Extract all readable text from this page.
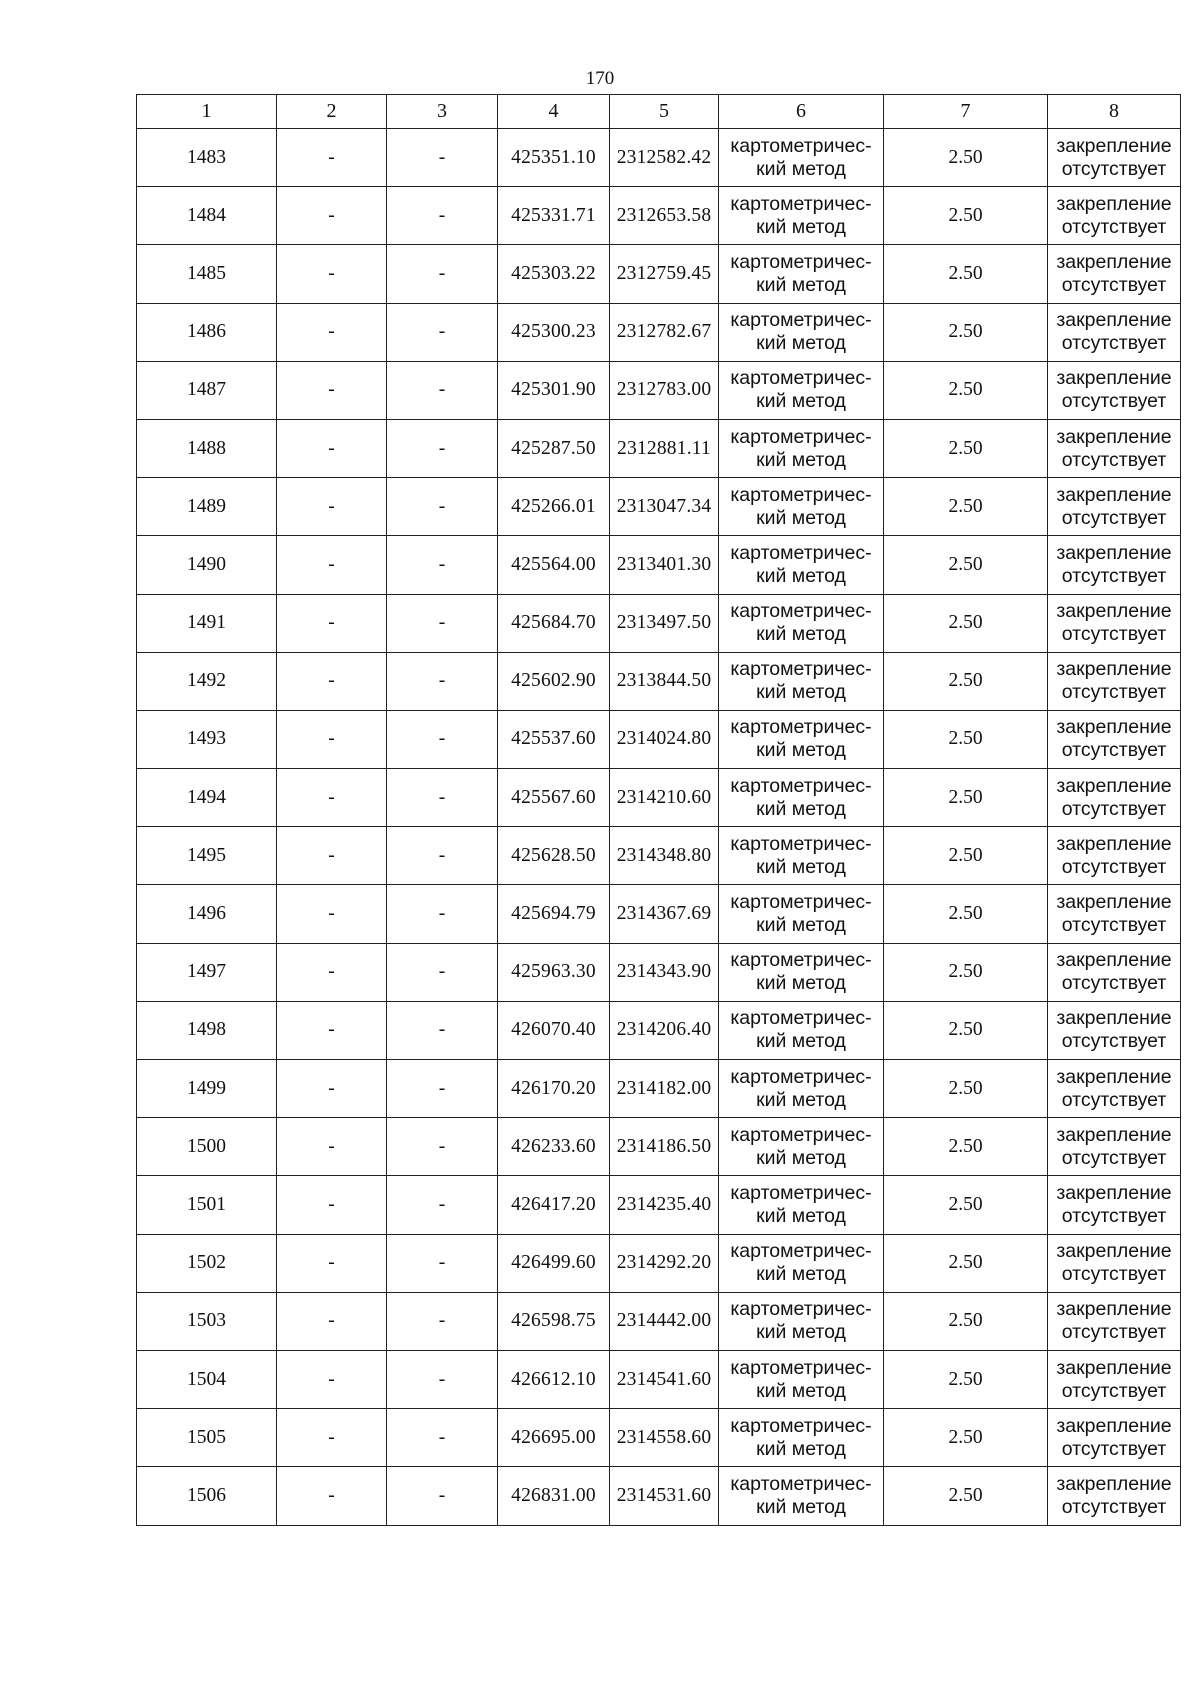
170
1	2	3	4	5	6	7	8
1483	-	-	425351.10	2312582.42	картометричес-кий метод	2.50	закрепление отсутствует
1484	-	-	425331.71	2312653.58	картометричес-кий метод	2.50	закрепление отсутствует
1485	-	-	425303.22	2312759.45	картометричес-кий метод	2.50	закрепление отсутствует
1486	-	-	425300.23	2312782.67	картометричес-кий метод	2.50	закрепление отсутствует
1487	-	-	425301.90	2312783.00	картометричес-кий метод	2.50	закрепление отсутствует
1488	-	-	425287.50	2312881.11	картометричес-кий метод	2.50	закрепление отсутствует
1489	-	-	425266.01	2313047.34	картометричес-кий метод	2.50	закрепление отсутствует
1490	-	-	425564.00	2313401.30	картометричес-кий метод	2.50	закрепление отсутствует
1491	-	-	425684.70	2313497.50	картометричес-кий метод	2.50	закрепление отсутствует
1492	-	-	425602.90	2313844.50	картометричес-кий метод	2.50	закрепление отсутствует
1493	-	-	425537.60	2314024.80	картометричес-кий метод	2.50	закрепление отсутствует
1494	-	-	425567.60	2314210.60	картометричес-кий метод	2.50	закрепление отсутствует
1495	-	-	425628.50	2314348.80	картометричес-кий метод	2.50	закрепление отсутствует
1496	-	-	425694.79	2314367.69	картометричес-кий метод	2.50	закрепление отсутствует
1497	-	-	425963.30	2314343.90	картометричес-кий метод	2.50	закрепление отсутствует
1498	-	-	426070.40	2314206.40	картометричес-кий метод	2.50	закрепление отсутствует
1499	-	-	426170.20	2314182.00	картометричес-кий метод	2.50	закрепление отсутствует
1500	-	-	426233.60	2314186.50	картометричес-кий метод	2.50	закрепление отсутствует
1501	-	-	426417.20	2314235.40	картометричес-кий метод	2.50	закрепление отсутствует
1502	-	-	426499.60	2314292.20	картометричес-кий метод	2.50	закрепление отсутствует
1503	-	-	426598.75	2314442.00	картометричес-кий метод	2.50	закрепление отсутствует
1504	-	-	426612.10	2314541.60	картометричес-кий метод	2.50	закрепление отсутствует
1505	-	-	426695.00	2314558.60	картометричес-кий метод	2.50	закрепление отсутствует
1506	-	-	426831.00	2314531.60	картометричес-кий метод	2.50	закрепление отсутствует
